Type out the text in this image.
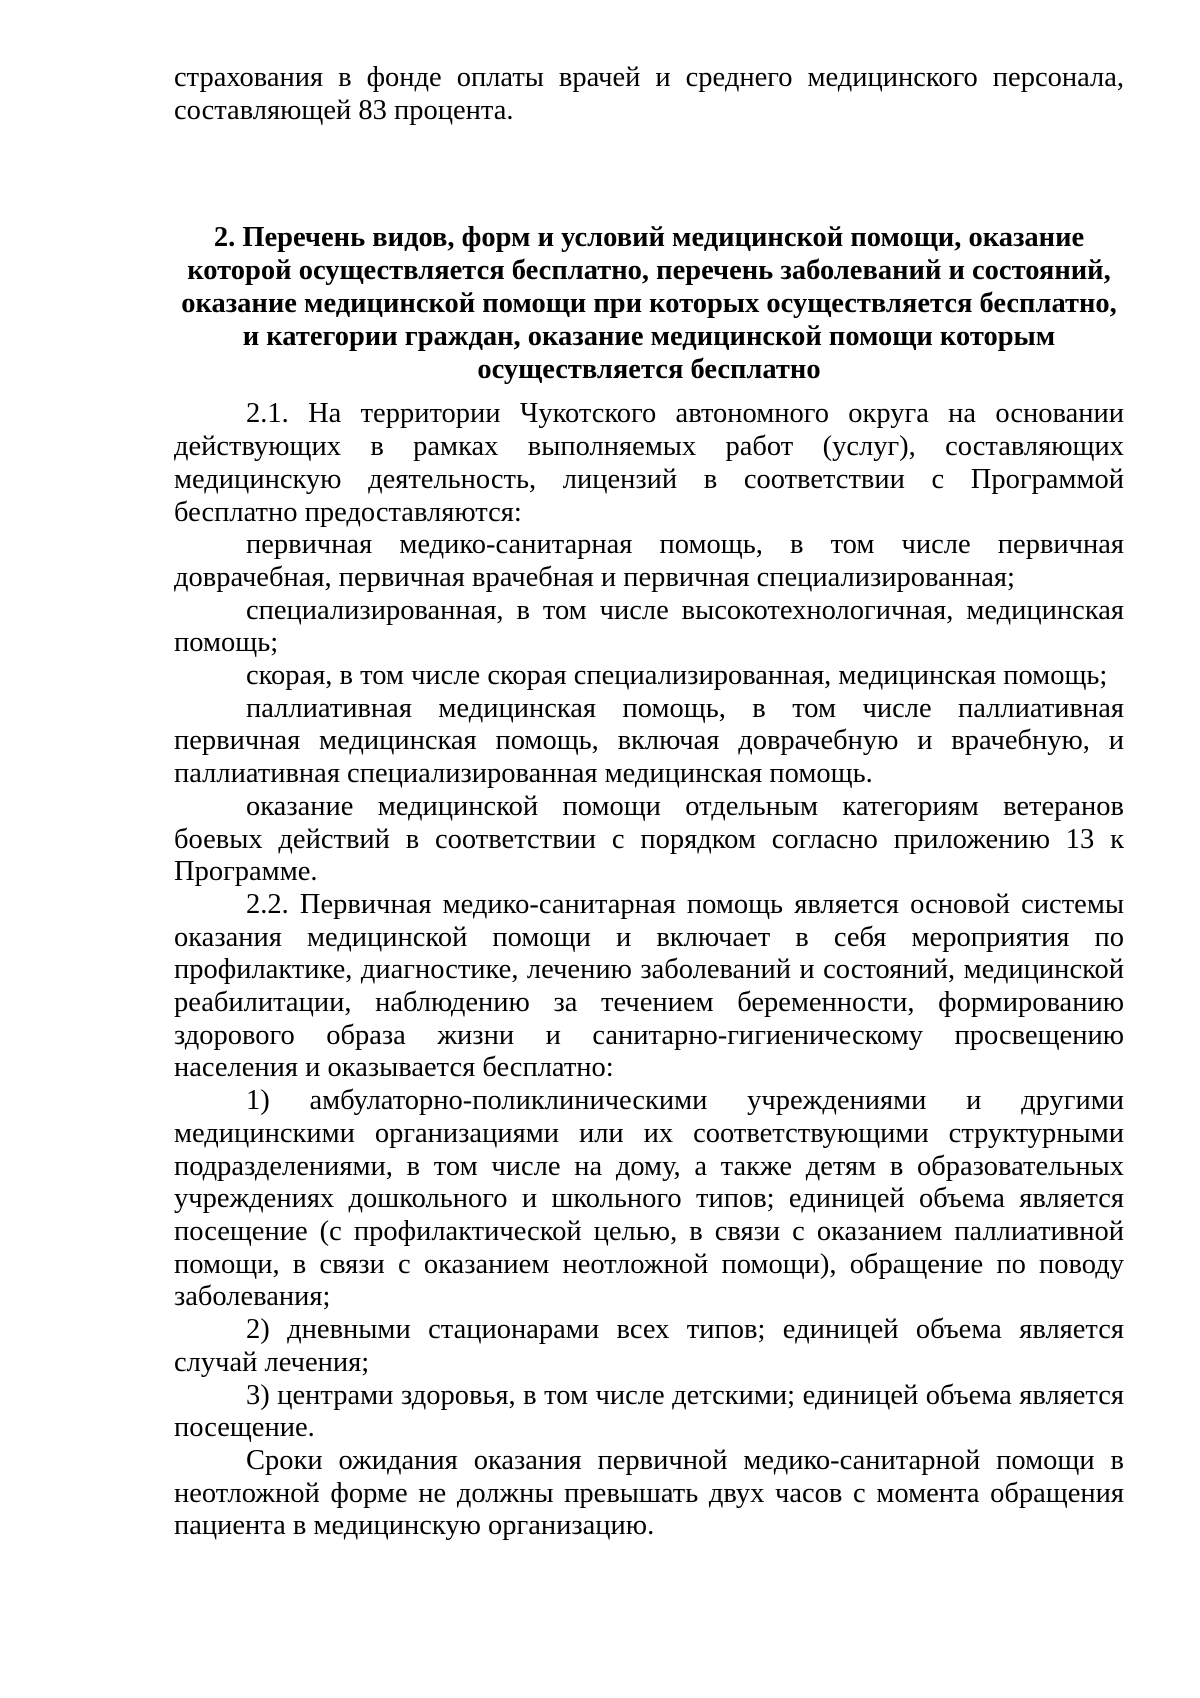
страхования в фонде оплаты врачей и среднего медицинского персонала, составляющей 83 процента.

2. Перечень видов, форм и условий медицинской помощи, оказание
которой осуществляется бесплатно, перечень заболеваний и состояний,
оказание медицинской помощи при которых осуществляется бесплатно,
и категории граждан, оказание медицинской помощи которым
осуществляется бесплатно

2.1. На территории Чукотского автономного округа на основании действующих в рамках выполняемых работ (услуг), составляющих медицинскую деятельность, лицензий в соответствии с Программой бесплатно предоставляются:

первичная медико-санитарная помощь, в том числе первичная доврачебная, первичная врачебная и первичная специализированная;

специализированная, в том числе высокотехнологичная, медицинская помощь;

скорая, в том числе скорая специализированная, медицинская помощь;

паллиативная медицинская помощь, в том числе паллиативная первичная медицинская помощь, включая доврачебную и врачебную, и паллиативная специализированная медицинская помощь.

оказание медицинской помощи отдельным категориям ветеранов боевых действий в соответствии с порядком согласно приложению 13 к Программе.

2.2. Первичная медико-санитарная помощь является основой системы оказания медицинской помощи и включает в себя мероприятия по профилактике, диагностике, лечению заболеваний и состояний, медицинской реабилитации, наблюдению за течением беременности, формированию здорового образа жизни и санитарно-гигиеническому просвещению населения и оказывается бесплатно:

1) амбулаторно-поликлиническими учреждениями и другими медицинскими организациями или их соответствующими структурными подразделениями, в том числе на дому, а также детям в образовательных учреждениях дошкольного и школьного типов; единицей объема является посещение (с профилактической целью, в связи с оказанием паллиативной помощи, в связи с оказанием неотложной помощи), обращение по поводу заболевания;

2) дневными стационарами всех типов; единицей объема является случай лечения;

3) центрами здоровья, в том числе детскими; единицей объема является посещение.

Сроки ожидания оказания первичной медико-санитарной помощи в неотложной форме не должны превышать двух часов с момента обращения пациента в медицинскую организацию.
